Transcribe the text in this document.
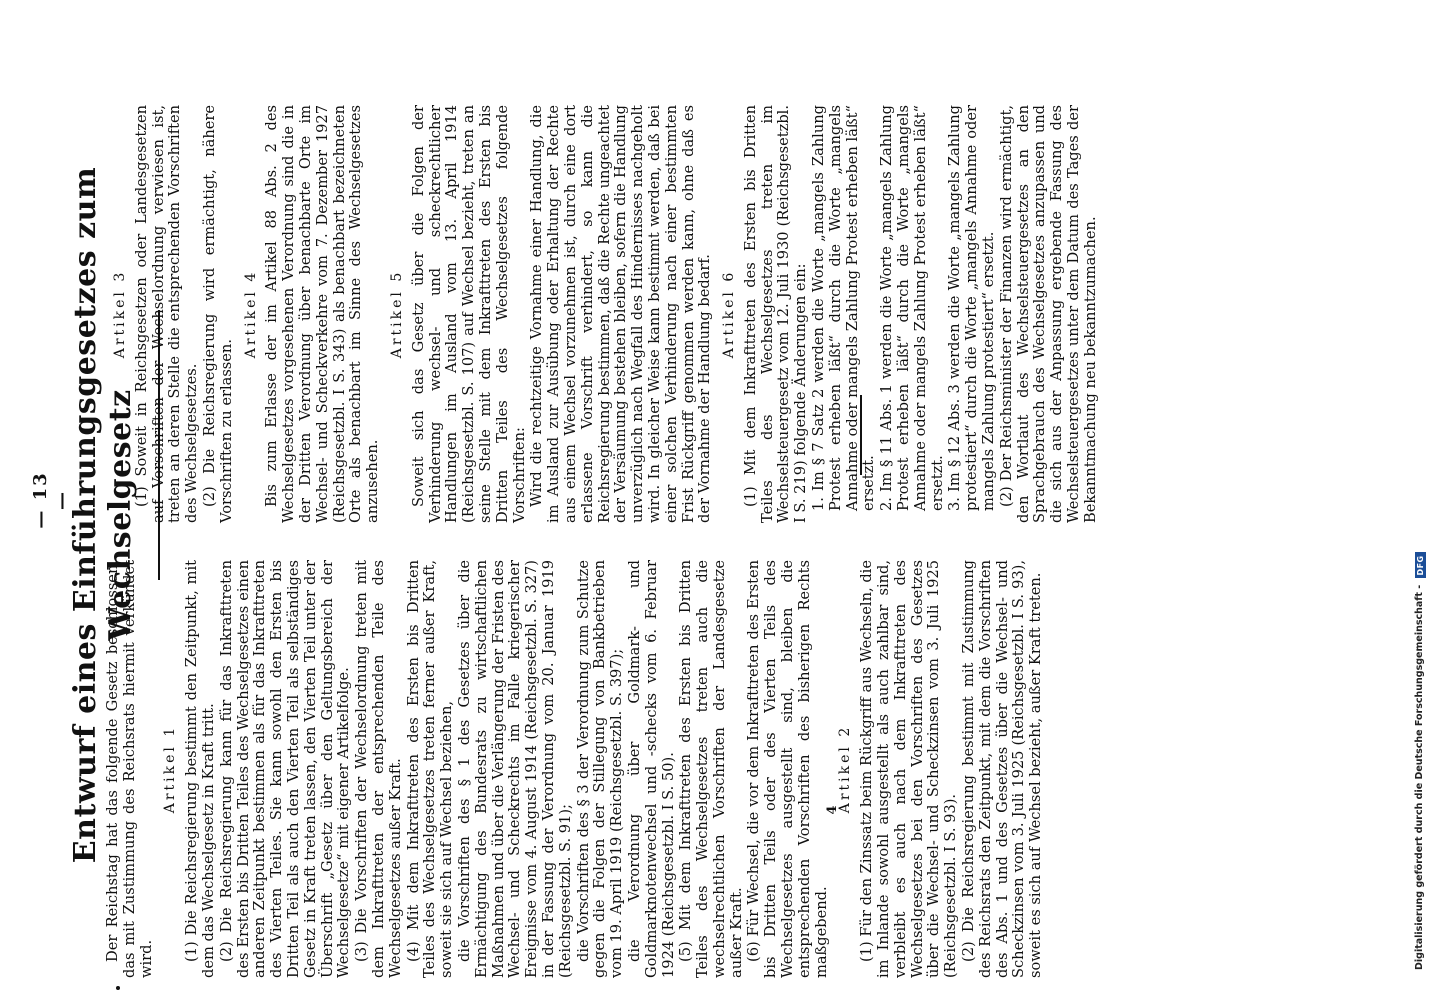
— 13 —
Entwurf eines Einführungsgesetzes zum Wechselgesetz

Der Reichstag hat das folgende Gesetz beschlossen, das mit Zustimmung des Reichsrats hiermit verkündet wird.

Artikel 1 (1) Die Reichsregierung bestimmt den Zeitpunkt, mit dem das Wechselgesetz in Kraft tritt. (2) Die Reichsregierung kann für das Inkrafttreten des Ersten bis Dritten Teiles des Wechselgesetzes einen anderen Zeitpunkt bestimmen als für das Inkrafttreten des Vierten Teiles. Sie kann sowohl den Ersten bis Dritten Teil als auch den Vierten Teil als selbständiges Gesetz in Kraft treten lassen, den Vierten Teil unter der Überschrift „Gesetz über den Geltungsbereich der Wechselgesetze“ mit eigener Artikelfolge. (3) Die Vorschriften der Wechselordnung treten mit dem Inkrafttreten der entsprechenden Teile des Wechselgesetzes außer Kraft. (4) Mit dem Inkrafttreten des Ersten bis Dritten Teiles des Wechselgesetzes treten ferner außer Kraft, soweit sie sich auf Wechsel beziehen, die Vorschriften des § 1 des Gesetzes über die Ermächtigung des Bundesrats zu wirtschaftlichen Maßnahmen und über die Verlängerung der Fristen des Wechsel- und Scheckrechts im Falle kriegerischer Ereignisse vom 4. August 1914 (Reichsgesetzbl. S. 327) in der Fassung der Verordnung vom 20. Januar 1919 (Reichsgesetzbl. S. 91); die Vorschriften des § 3 der Verordnung zum Schutze gegen die Folgen der Stillegung von Bankbetrieben vom 19. April 1919 (Reichsgesetzbl. S. 397); die Verordnung über Goldmark- und Goldmarknotenwechsel und -schecks vom 6. Februar 1924 (Reichsgesetzbl. I S. 50). (5) Mit dem Inkrafttreten des Ersten bis Dritten Teiles des Wechselgesetzes treten auch die wechselrechtlichen Vorschriften der Landesgesetze außer Kraft. (6) Für Wechsel, die vor dem Inkrafttreten des Ersten bis Dritten Teils oder des Vierten Teils des Wechselgesetzes ausgestellt sind, bleiben die entsprechenden Vorschriften des bisherigen Rechts maßgebend.

Artikel 2 (1) Für den Zinssatz beim Rückgriff aus Wechseln, die im Inlande sowohl ausgestellt als auch zahlbar sind, verbleibt es auch nach dem Inkrafttreten des Wechselgesetzes bei den Vorschriften des Gesetzes über die Wechsel- und Scheckzinsen vom 3. Juli 1925 (Reichsgesetzbl. I S. 93). (2) Die Reichsregierung bestimmt mit Zustimmung des Reichsrats den Zeitpunkt, mit dem die Vorschriften des Abs. 1 und des Gesetzes über die Wechsel- und Scheckzinsen vom 3. Juli 1925 (Reichsgesetzbl. I S. 93), soweit es sich auf Wechsel bezieht, außer Kraft treten.

Artikel 3 (1) Soweit in Reichsgesetzen oder Landesgesetzen auf Vorschriften der Wechselordnung verwiesen ist, treten an deren Stelle die entsprechenden Vorschriften des Wechselgesetzes. (2) Die Reichsregierung wird ermächtigt, nähere Vorschriften zu erlassen.

Artikel 4 Bis zum Erlasse der im Artikel 88 Abs. 2 des Wechselgesetzes vorgesehenen Verordnung sind die in der Dritten Verordnung über benachbarte Orte im Wechsel- und Scheckverkehre vom 7. Dezember 1927 (Reichsgesetzbl. I S. 343) als benachbart bezeichneten Orte als benachbart im Sinne des Wechselgesetzes anzusehen.

Artikel 5 Soweit sich das Gesetz über die Folgen der Verhinderung wechsel- und scheckrechtlicher Handlungen im Ausland vom 13. April 1914 (Reichsgesetzbl. S. 107) auf Wechsel bezieht, treten an seine Stelle mit dem Inkrafttreten des Ersten bis Dritten Teiles des Wechselgesetzes folgende Vorschriften: Wird die rechtzeitige Vornahme einer Handlung, die im Ausland zur Ausübung oder Erhaltung der Rechte aus einem Wechsel vorzunehmen ist, durch eine dort erlassene Vorschrift verhindert, so kann die Reichsregierung bestimmen, daß die Rechte ungeachtet der Versäumung bestehen bleiben, sofern die Handlung unverzüglich nach Wegfall des Hindernisses nachgeholt wird. In gleicher Weise kann bestimmt werden, daß bei einer solchen Verhinderung nach einer bestimmten Frist Rückgriff genommen werden kann, ohne daß es der Vornahme der Handlung bedarf. Artikel 6 (1) Mit dem Inkrafttreten des Ersten bis Dritten Teiles des Wechselgesetzes treten im Wechselsteuergesetz vom 12. Juli 1930 (Reichsgesetzbl. I S. 219) folgende Änderungen ein: 1. Im § 7 Satz 2 werden die Worte „mangels Zahlung Protest erheben läßt“ durch die Worte „mangels Annahme oder mangels Zahlung Protest erheben läßt“ ersetzt. 2. Im § 11 Abs. 1 werden die Worte „mangels Zahlung Protest erheben läßt“ durch die Worte „mangels Annahme oder mangels Zahlung Protest erheben läßt“ ersetzt. 3. Im § 12 Abs. 3 werden die Worte „mangels Zahlung protestiert“ durch die Worte „mangels Annahme oder mangels Zahlung protestiert“ ersetzt. (2) Der Reichsminister der Finanzen wird ermächtigt, den Wortlaut des Wechselsteuergesetzes an den Sprachgebrauch des Wechselgesetzes anzupassen und die sich aus der Anpassung ergebende Fassung des Wechselsteuergesetzes unter dem Datum des Tages der Bekanntmachung neu bekanntzumachen.

4	Digitalisierung gefördert durch die Deutsche Forschungsgemeinschaft - DFG
